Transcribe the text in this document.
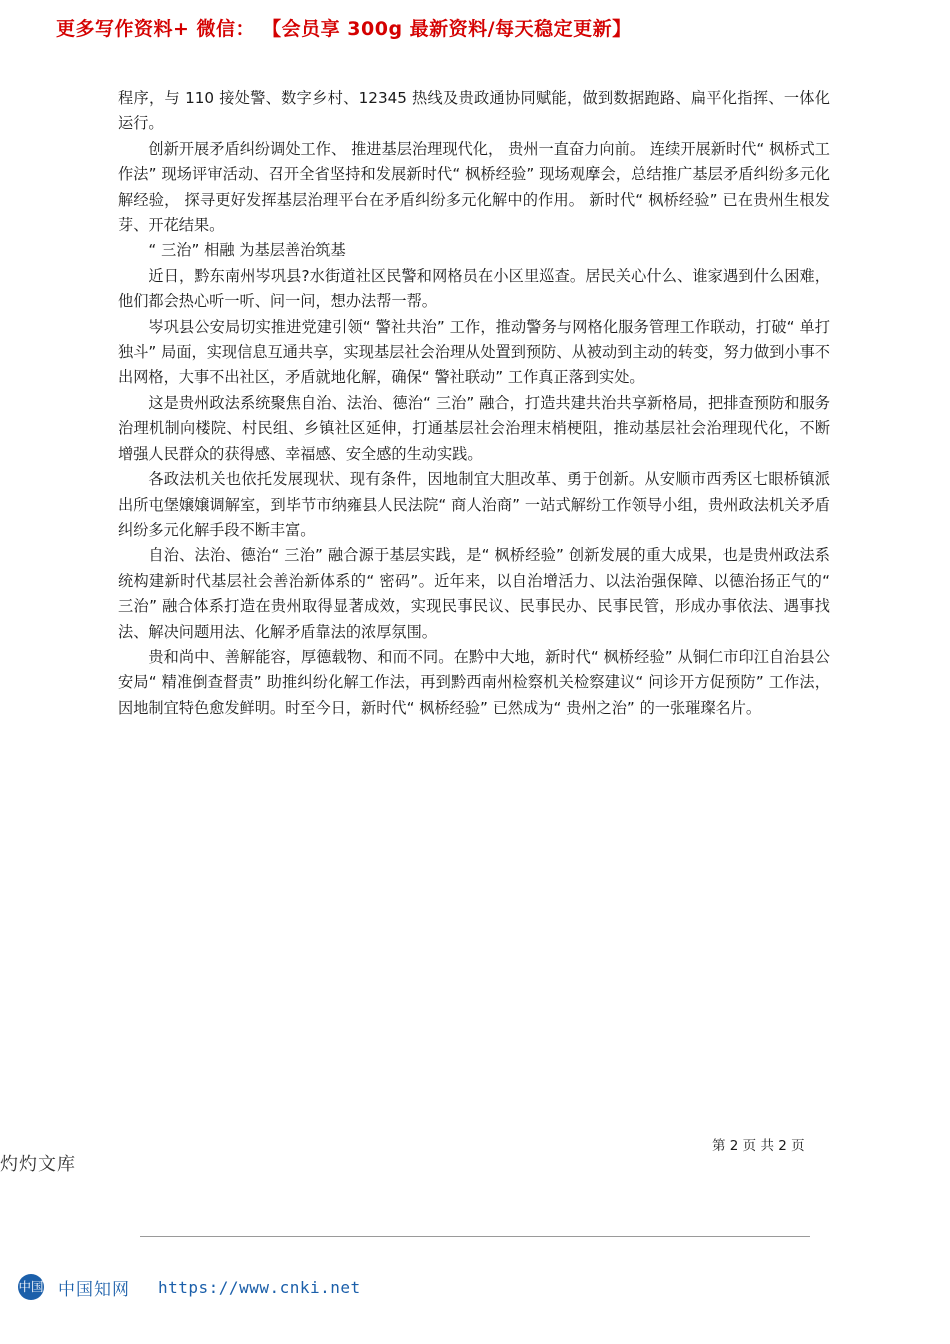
更多写作资料+ 微信： 【会员享 300g 最新资料/每天稳定更新】

程序，与 110 接处警、数字乡村、12345 热线及贵政通协同赋能，做到数据跑路、扁平化指挥、一体化运行。

创新开展矛盾纠纷调处工作、 推进基层治理现代化， 贵州一直奋力向前。 连续开展新时代“ 枫桥式工作法” 现场评审活动、召开全省坚持和发展新时代“ 枫桥经验” 现场观摩会，总结推广基层矛盾纠纷多元化解经验， 探寻更好发挥基层治理平台在矛盾纠纷多元化解中的作用。 新时代“ 枫桥经验” 已在贵州生根发芽、开花结果。

“ 三治” 相融 为基层善治筑基

近日，黔东南州岑巩县?水街道社区民警和网格员在小区里巡查。居民关心什么、谁家遇到什么困难，他们都会热心听一听、问一问，想办法帮一帮。

岑巩县公安局切实推进党建引领“ 警社共治” 工作，推动警务与网格化服务管理工作联动，打破“ 单打独斗” 局面，实现信息互通共享，实现基层社会治理从处置到预防、从被动到主动的转变，努力做到小事不出网格，大事不出社区，矛盾就地化解，确保“ 警社联动” 工作真正落到实处。

这是贵州政法系统聚焦自治、法治、德治“ 三治” 融合，打造共建共治共享新格局，把排查预防和服务治理机制向楼院、村民组、乡镇社区延伸，打通基层社会治理末梢梗阻，推动基层社会治理现代化，不断增强人民群众的获得感、幸福感、安全感的生动实践。

各政法机关也依托发展现状、现有条件，因地制宜大胆改革、勇于创新。从安顺市西秀区七眼桥镇派出所屯堡嬢嬢调解室，到毕节市纳雍县人民法院“ 商人治商” 一站式解纷工作领导小组，贵州政法机关矛盾纠纷多元化解手段不断丰富。

自治、法治、德治“ 三治” 融合源于基层实践，是“ 枫桥经验” 创新发展的重大成果，也是贵州政法系统构建新时代基层社会善治新体系的“ 密码”。近年来，以自治增活力、以法治强保障、以德治扬正气的“ 三治” 融合体系打造在贵州取得显著成效，实现民事民议、民事民办、民事民管，形成办事依法、遇事找法、解决问题用法、化解矛盾靠法的浓厚氛围。

贵和尚中、善解能容，厚德载物、和而不同。在黔中大地，新时代“ 枫桥经验” 从铜仁市印江自治县公安局“ 精准倒查督责” 助推纠纷化解工作法，再到黔西南州检察机关检察建议“ 问诊开方促预防” 工作法，因地制宜特色愈发鲜明。时至今日，新时代“ 枫桥经验” 已然成为“ 贵州之治” 的一张璀璨名片。

第 2 页 共 2 页
灼灼文库
中国 中国知网 https://www.cnki.net
